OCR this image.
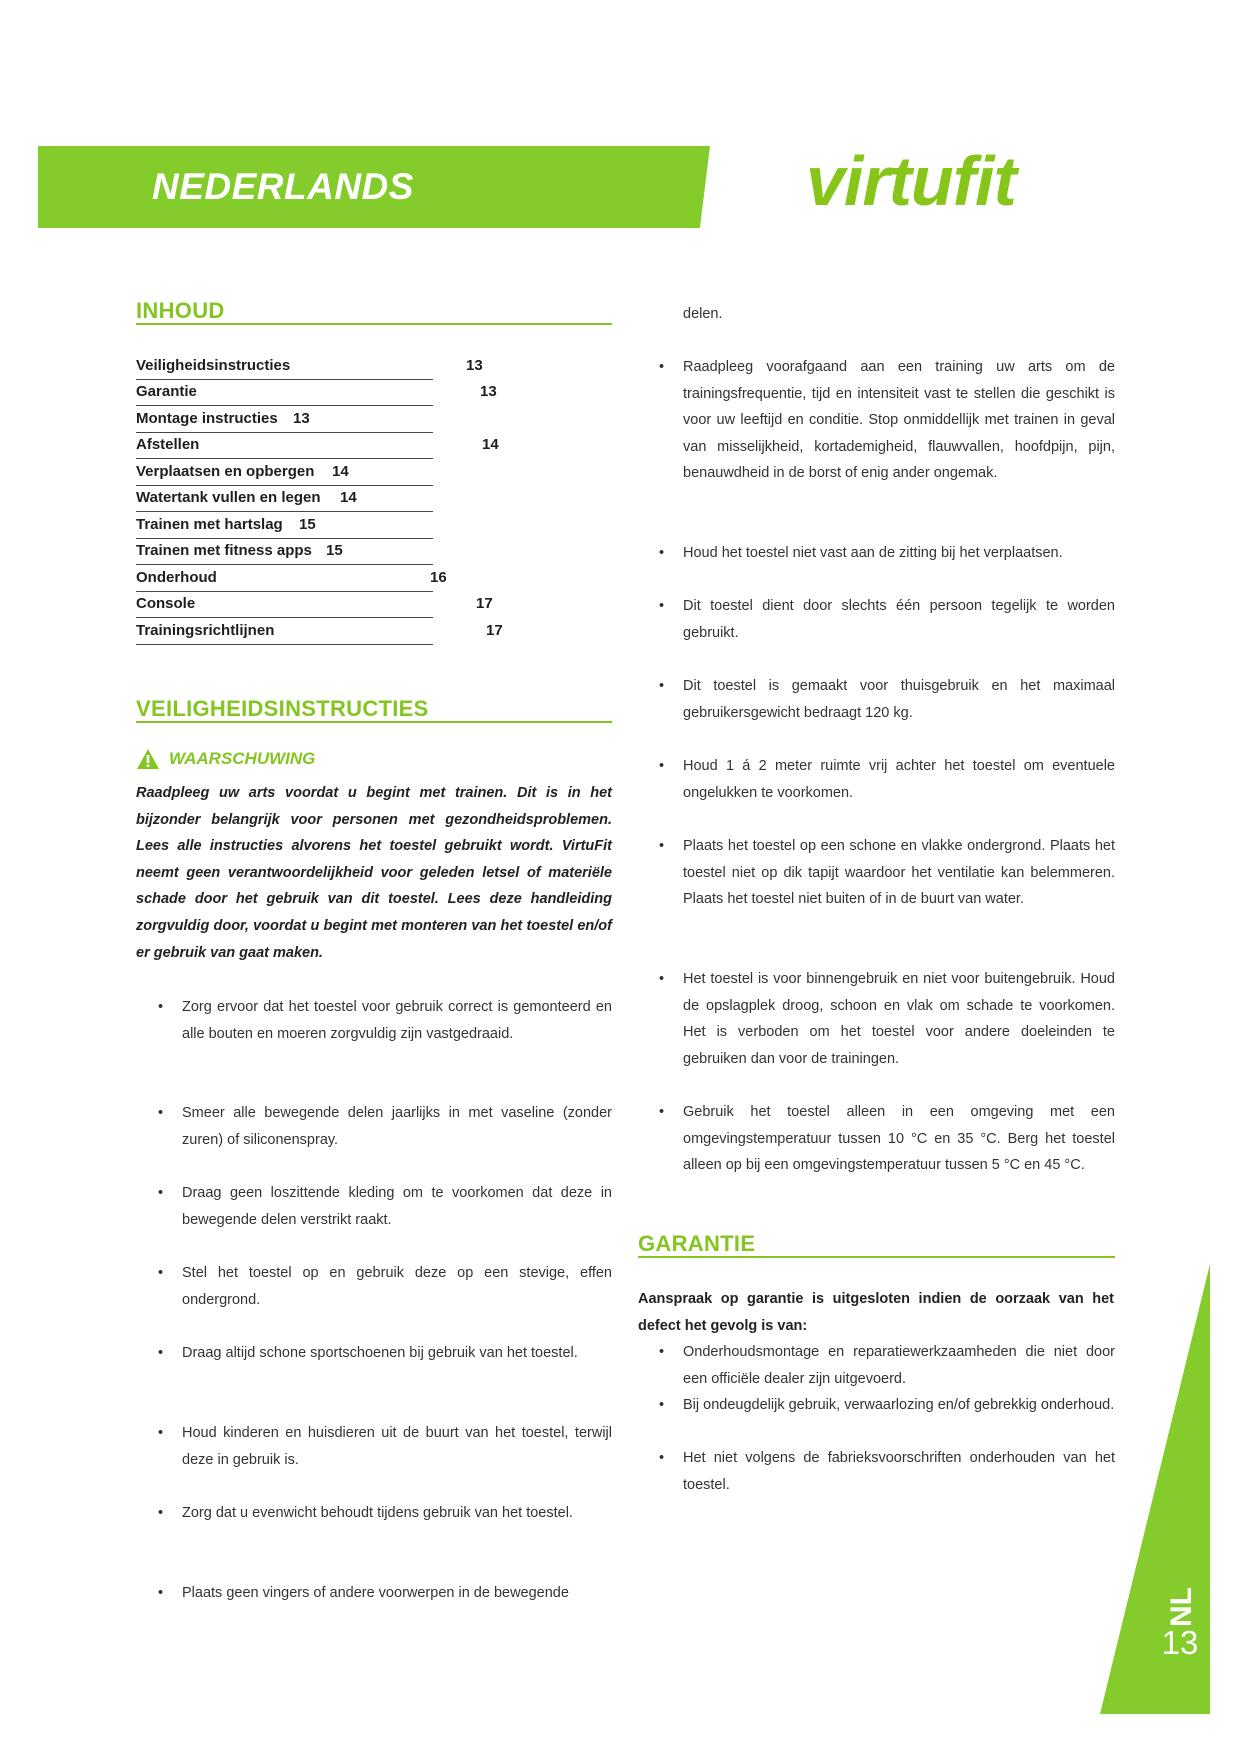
NEDERLANDS	virtufit
INHOUD
Veiligheidsinstructies	13
Garantie	13
Montage instructies 13
Afstellen	14
Verplaatsen en opbergen 14
Watertank vullen en legen 14
Trainen met hartslag 15
Trainen met fitness apps 15
Onderhoud	16
Console	17
Trainingsrichtlijnen	17
VEILIGHEIDSINSTRUCTIES
WAARSCHUWING
Raadpleeg uw arts voordat u begint met trainen. Dit is in het bijzonder belangrijk voor personen met gezondheidsproblemen. Lees alle instructies alvorens het toestel gebruikt wordt. VirtuFit neemt geen verantwoordelijkheid voor geleden letsel of materiële schade door het gebruik van dit toestel. Lees deze handleiding zorgvuldig door, voordat u begint met monteren van het toestel en/of er gebruik van gaat maken.
• Zorg ervoor dat het toestel voor gebruik correct is gemonteerd en alle bouten en moeren zorgvuldig zijn vastgedraaid.
• Smeer alle bewegende delen jaarlijks in met vaseline (zonder zuren) of siliconenspray.
• Draag geen loszittende kleding om te voorkomen dat deze in bewegende delen verstrikt raakt.
• Stel het toestel op en gebruik deze op een stevige, effen ondergrond.
• Draag altijd schone sportschoenen bij gebruik van het toestel.
• Houd kinderen en huisdieren uit de buurt van het toestel, terwijl deze in gebruik is.
• Zorg dat u evenwicht behoudt tijdens gebruik van het toestel.
• Plaats geen vingers of andere voorwerpen in de bewegende
delen.
• Raadpleeg voorafgaand aan een training uw arts om de trainingsfrequentie, tijd en intensiteit vast te stellen die geschikt is voor uw leeftijd en conditie. Stop onmiddellijk met trainen in geval van misselijkheid, kortademigheid, flauwvallen, hoofdpijn, pijn, benauwdheid in de borst of enig ander ongemak.
• Houd het toestel niet vast aan de zitting bij het verplaatsen.
• Dit toestel dient door slechts één persoon tegelijk te worden gebruikt.
• Dit toestel is gemaakt voor thuisgebruik en het maximaal gebruikersgewicht bedraagt 120 kg.
• Houd 1 á 2 meter ruimte vrij achter het toestel om eventuele ongelukken te voorkomen.
• Plaats het toestel op een schone en vlakke ondergrond. Plaats het toestel niet op dik tapijt waardoor het ventilatie kan belemmeren. Plaats het toestel niet buiten of in de buurt van water.
• Het toestel is voor binnengebruik en niet voor buitengebruik. Houd de opslagplek droog, schoon en vlak om schade te voorkomen. Het is verboden om het toestel voor andere doeleinden te gebruiken dan voor de trainingen.
• Gebruik het toestel alleen in een omgeving met een omgevingstemperatuur tussen 10 °C en 35 °C. Berg het toestel alleen op bij een omgevingstemperatuur tussen 5 °C en 45 °C.
GARANTIE
Aanspraak op garantie is uitgesloten indien de oorzaak van het defect het gevolg is van:
• Onderhoudsmontage en reparatiewerkzaamheden die niet door een officiële dealer zijn uitgevoerd.
• Bij ondeugdelijk gebruik, verwaarlozing en/of gebrekkig onderhoud.
• Het niet volgens de fabrieksvoorschriften onderhouden van het toestel.
NL
13
